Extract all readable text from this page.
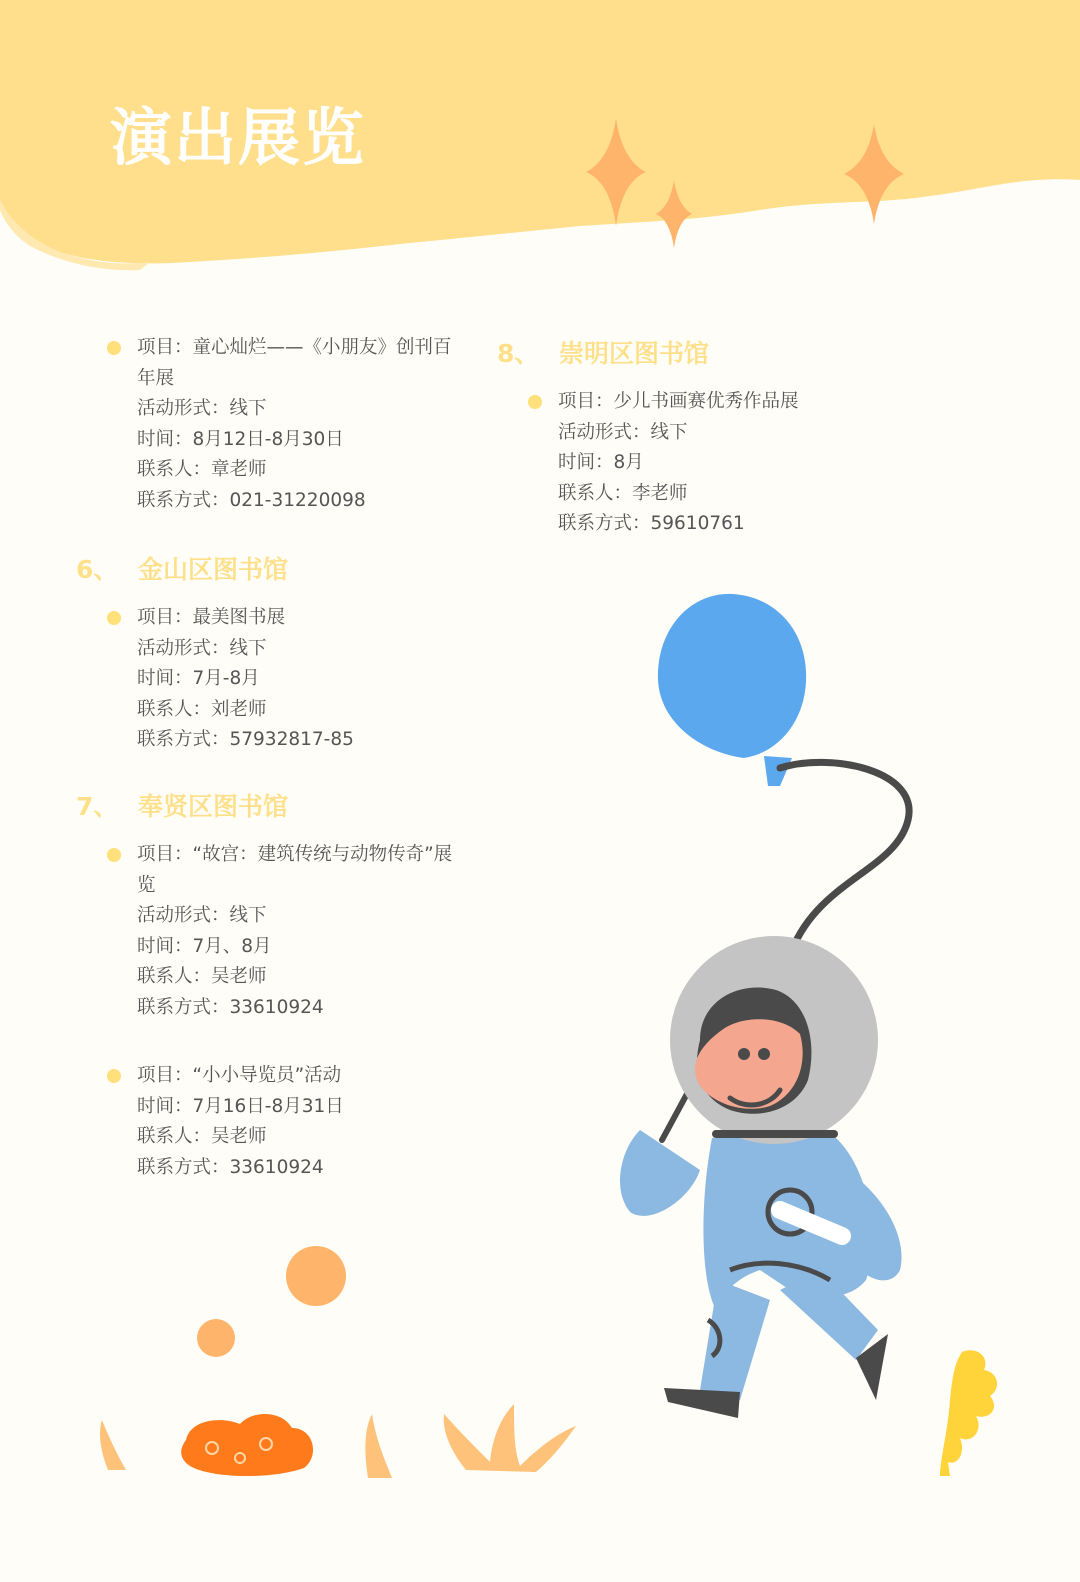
演出展览
项目：童心灿烂——《小朋友》创刊百年展
活动形式：线下
时间：8月12日-8月30日
联系人：章老师
联系方式：021-31220098
6、 金山区图书馆
项目：最美图书展
活动形式：线下
时间：7月-8月
联系人：刘老师
联系方式：57932817-85
7、 奉贤区图书馆
项目：“故宫：建筑传统与动物传奇”展览
活动形式：线下
时间：7月、8月
联系人：吴老师
联系方式：33610924
项目：“小小导览员”活动
时间：7月16日-8月31日
联系人：吴老师
联系方式：33610924
8、 崇明区图书馆
项目：少儿书画赛优秀作品展
活动形式：线下
时间：8月
联系人：李老师
联系方式：59610761
